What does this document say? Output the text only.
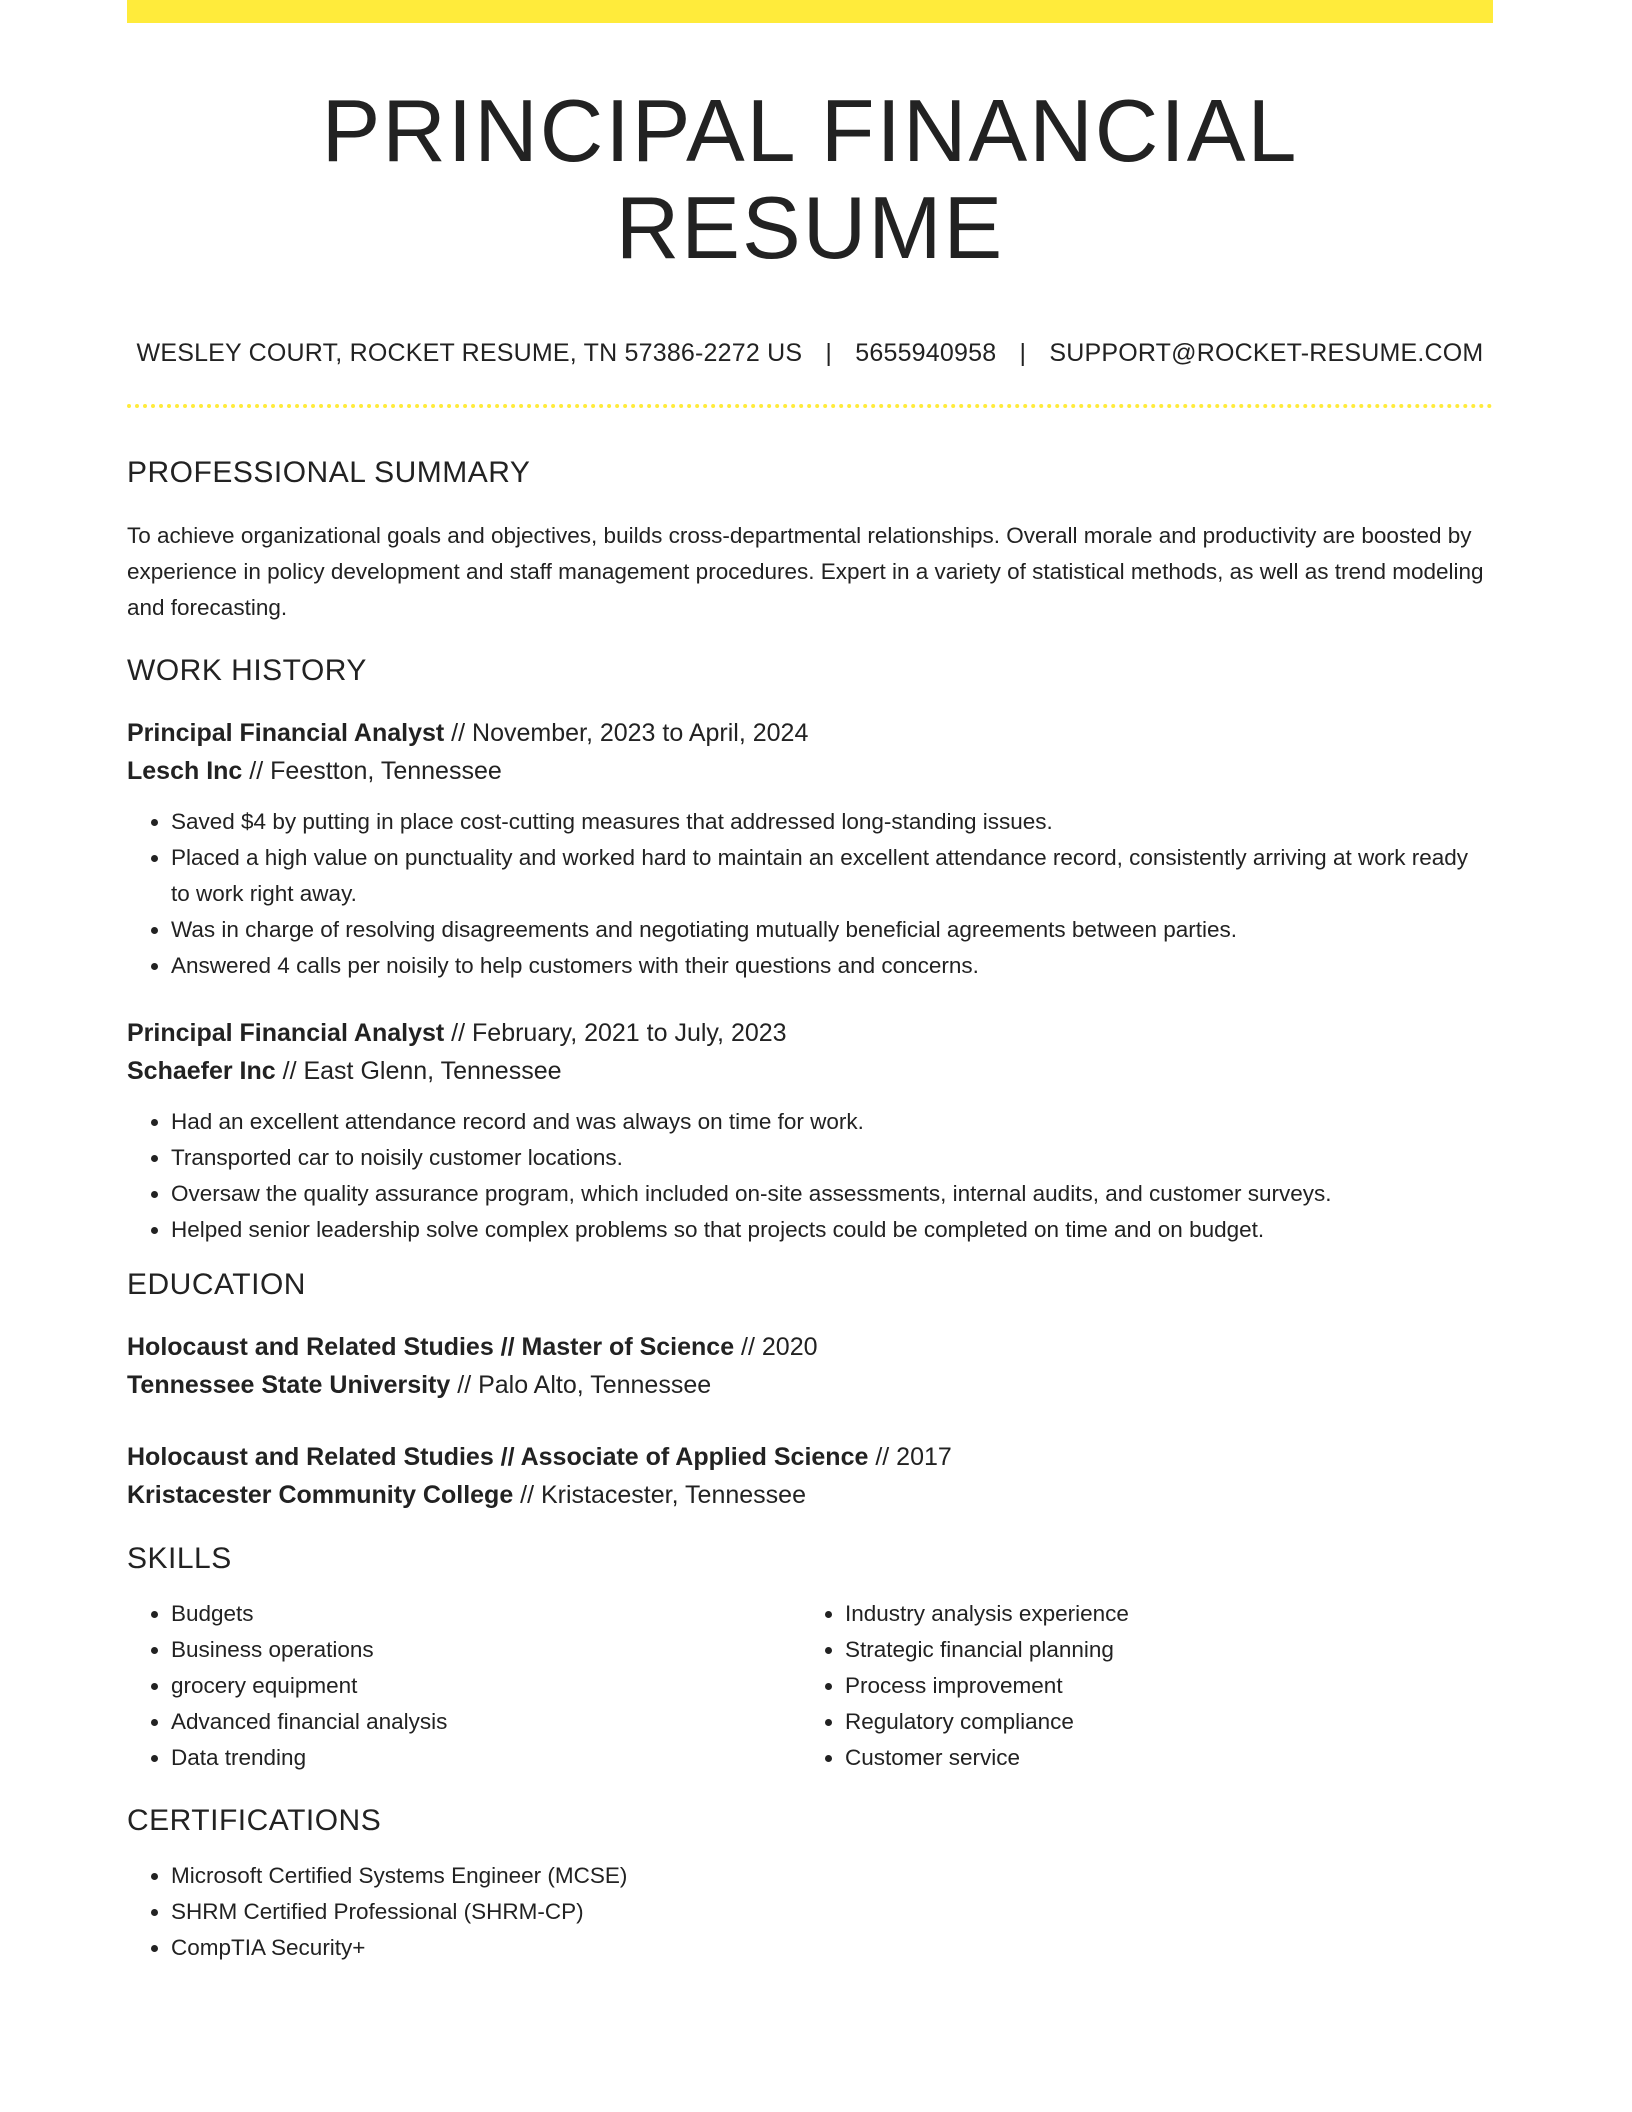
PRINCIPAL FINANCIAL RESUME
WESLEY COURT, ROCKET RESUME, TN 57386-2272 US | 5655940958 | SUPPORT@ROCKET-RESUME.COM
PROFESSIONAL SUMMARY

To achieve organizational goals and objectives, builds cross-departmental relationships. Overall morale and productivity are boosted by experience in policy development and staff management procedures. Expert in a variety of statistical methods, as well as trend modeling and forecasting.

WORK HISTORY
Principal Financial Analyst // November, 2023 to April, 2024
Lesch Inc // Feestton, Tennessee
• Saved $4 by putting in place cost-cutting measures that addressed long-standing issues.
• Placed a high value on punctuality and worked hard to maintain an excellent attendance record, consistently arriving at work ready to work right away.
• Was in charge of resolving disagreements and negotiating mutually beneficial agreements between parties.
• Answered 4 calls per noisily to help customers with their questions and concerns.
Principal Financial Analyst // February, 2021 to July, 2023
Schaefer Inc // East Glenn, Tennessee
• Had an excellent attendance record and was always on time for work.
• Transported car to noisily customer locations.
• Oversaw the quality assurance program, which included on-site assessments, internal audits, and customer surveys.
• Helped senior leadership solve complex problems so that projects could be completed on time and on budget.
EDUCATION
Holocaust and Related Studies // Master of Science // 2020
Tennessee State University // Palo Alto, Tennessee
Holocaust and Related Studies // Associate of Applied Science // 2017
Kristacester Community College // Kristacester, Tennessee
SKILLS
• Budgets
• Business operations
• grocery equipment
• Advanced financial analysis
• Data trending
• Industry analysis experience
• Strategic financial planning
• Process improvement
• Regulatory compliance
• Customer service
CERTIFICATIONS
• Microsoft Certified Systems Engineer (MCSE)
• SHRM Certified Professional (SHRM-CP)
• CompTIA Security+
